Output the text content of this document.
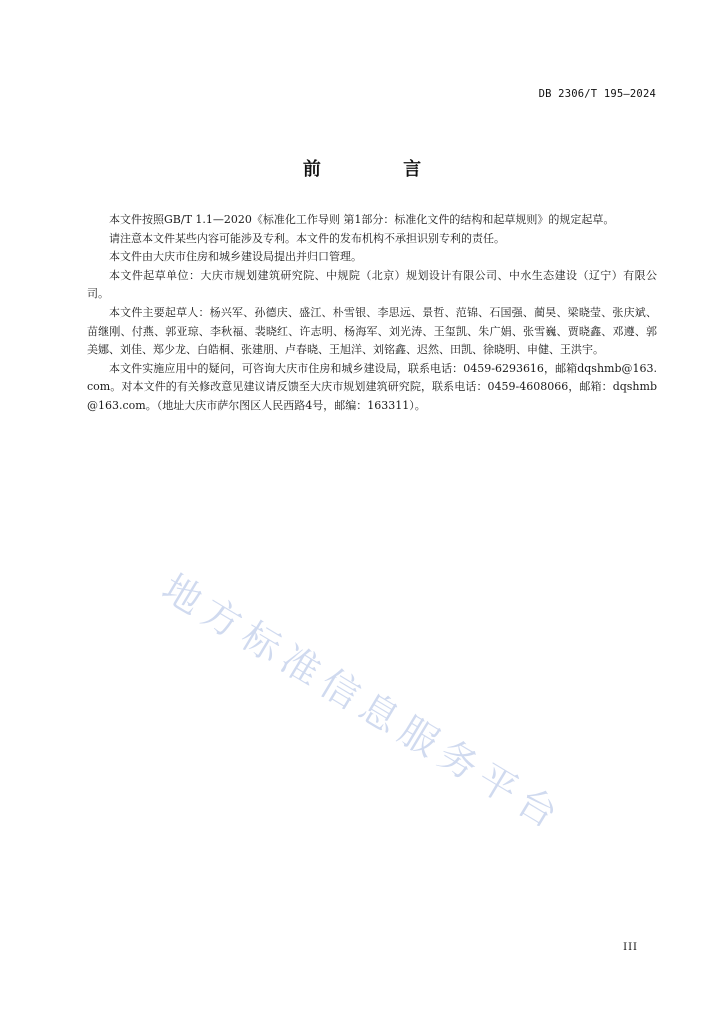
DB 2306/T 195—2024
前 言

本文件按照GB/T 1.1—2020《标准化工作导则 第1部分：标准化文件的结构和起草规则》的规定起草。

请注意本文件某些内容可能涉及专利。本文件的发布机构不承担识别专利的责任。

本文件由大庆市住房和城乡建设局提出并归口管理。

本文件起草单位：大庆市规划建筑研究院、中规院（北京）规划设计有限公司、中水生态建设（辽宁）有限公司。

本文件主要起草人：杨兴军、孙德庆、盛江、朴雪银、李思远、景哲、范锦、石国强、蔺昊、梁晓莹、张庆斌、苗继刚、付燕、郭亚琼、李秋福、裴晓红、许志明、杨海军、刘光涛、王玺凯、朱广娟、张雪巍、贾晓鑫、邓遵、郭美娜、刘佳、郑少龙、白皓桐、张建朋、卢春晓、王旭洋、刘铭鑫、迟然、田凯、徐晓明、申健、王洪宇。

本文件实施应用中的疑问，可咨询大庆市住房和城乡建设局，联系电话：0459-6293616，邮箱dqshmb@163.com。对本文件的有关修改意见建议请反馈至大庆市规划建筑研究院，联系电话：0459-4608066，邮箱：dqshmb@163.com。（地址大庆市萨尔图区人民西路4号，邮编：163311）。

地方标准信息服务平台
III
